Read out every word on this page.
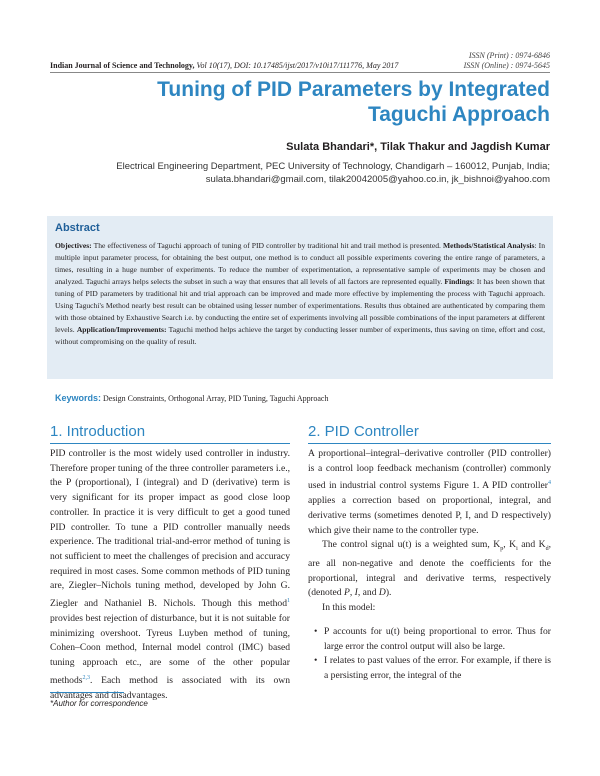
ISSN (Print) : 0974-6846
ISSN (Online) : 0974-5645
Indian Journal of Science and Technology, Vol 10(17), DOI: 10.17485/ijst/2017/v10i17/111776, May 2017
Tuning of PID Parameters by Integrated Taguchi Approach
Sulata Bhandari*, Tilak Thakur and Jagdish Kumar
Electrical Engineering Department, PEC University of Technology, Chandigarh – 160012, Punjab, India;
sulata.bhandari@gmail.com, tilak20042005@yahoo.co.in, jk_bishnoi@yahoo.com
Abstract
Objectives: The effectiveness of Taguchi approach of tuning of PID controller by traditional hit and trail method is presented. Methods/Statistical Analysis: In multiple input parameter process, for obtaining the best output, one method is to conduct all possible experiments covering the entire range of parameters, a times, resulting in a huge number of experiments. To reduce the number of experimentation, a representative sample of experiments may be chosen and analyzed. Taguchi arrays helps selects the subset in such a way that ensures that all levels of all factors are represented equally. Findings: It has been shown that tuning of PID parameters by traditional hit and trial approach can be improved and made more effective by implementing the process with Taguchi approach. Using Taguchi's Method nearly best result can be obtained using lesser number of experimentations. Results thus obtained are authenticated by comparing them with those obtained by Exhaustive Search i.e. by conducting the entire set of experiments involving all possible combinations of the input parameters at different levels. Application/Improvements: Taguchi method helps achieve the target by conducting lesser number of experiments, thus saving on time, effort and cost, without compromising on the quality of result.
Keywords: Design Constraints, Orthogonal Array, PID Tuning, Taguchi Approach
1. Introduction	2. PID Controller

PID controller is the most widely used controller in industry. Therefore proper tuning of the three controller parameters i.e., the P (proportional), I (integral) and D (derivative) term is very significant for its proper impact as good close loop controller. In practice it is very difficult to get a good tuned PID controller. To tune a PID controller manually needs experience. The traditional trial-and-error method of tuning is not sufficient to meet the challenges of precision and accuracy required in most cases. Some common methods of PID tuning are, Ziegler–Nichols tuning method, developed by John G. Ziegler and Nathaniel B. Nichols. Though this method$^1$ provides best rejection of disturbance, but it is not suitable for minimizing overshoot. Tyreus Luyben method of tuning, Cohen–Coon method, Internal model control (IMC) based tuning approach etc., are some of the other popular methods$^{2,3}$. Each method is associated with its own advantages and disadvantages.

A proportional–integral–derivative controller (PID controller) is a control loop feedback mechanism (controller) commonly used in industrial control systems Figure 1. A PID controller$^4$ applies a correction based on proportional, integral, and derivative terms (sometimes denoted P, I, and D respectively) which give their name to the controller type.

The control signal u(t) is a weighted sum, $K_p$, $K_i$ and $K_d$, are all non-negative and denote the coefficients for the proportional, integral and derivative terms, respectively (denoted P, I, and D).

In this model:

• P accounts for u(t) being proportional to error. Thus for large error the control output will also be large.
• I relates to past values of the error. For example, if there is a persisting error, the integral of the
*Author for correspondence
